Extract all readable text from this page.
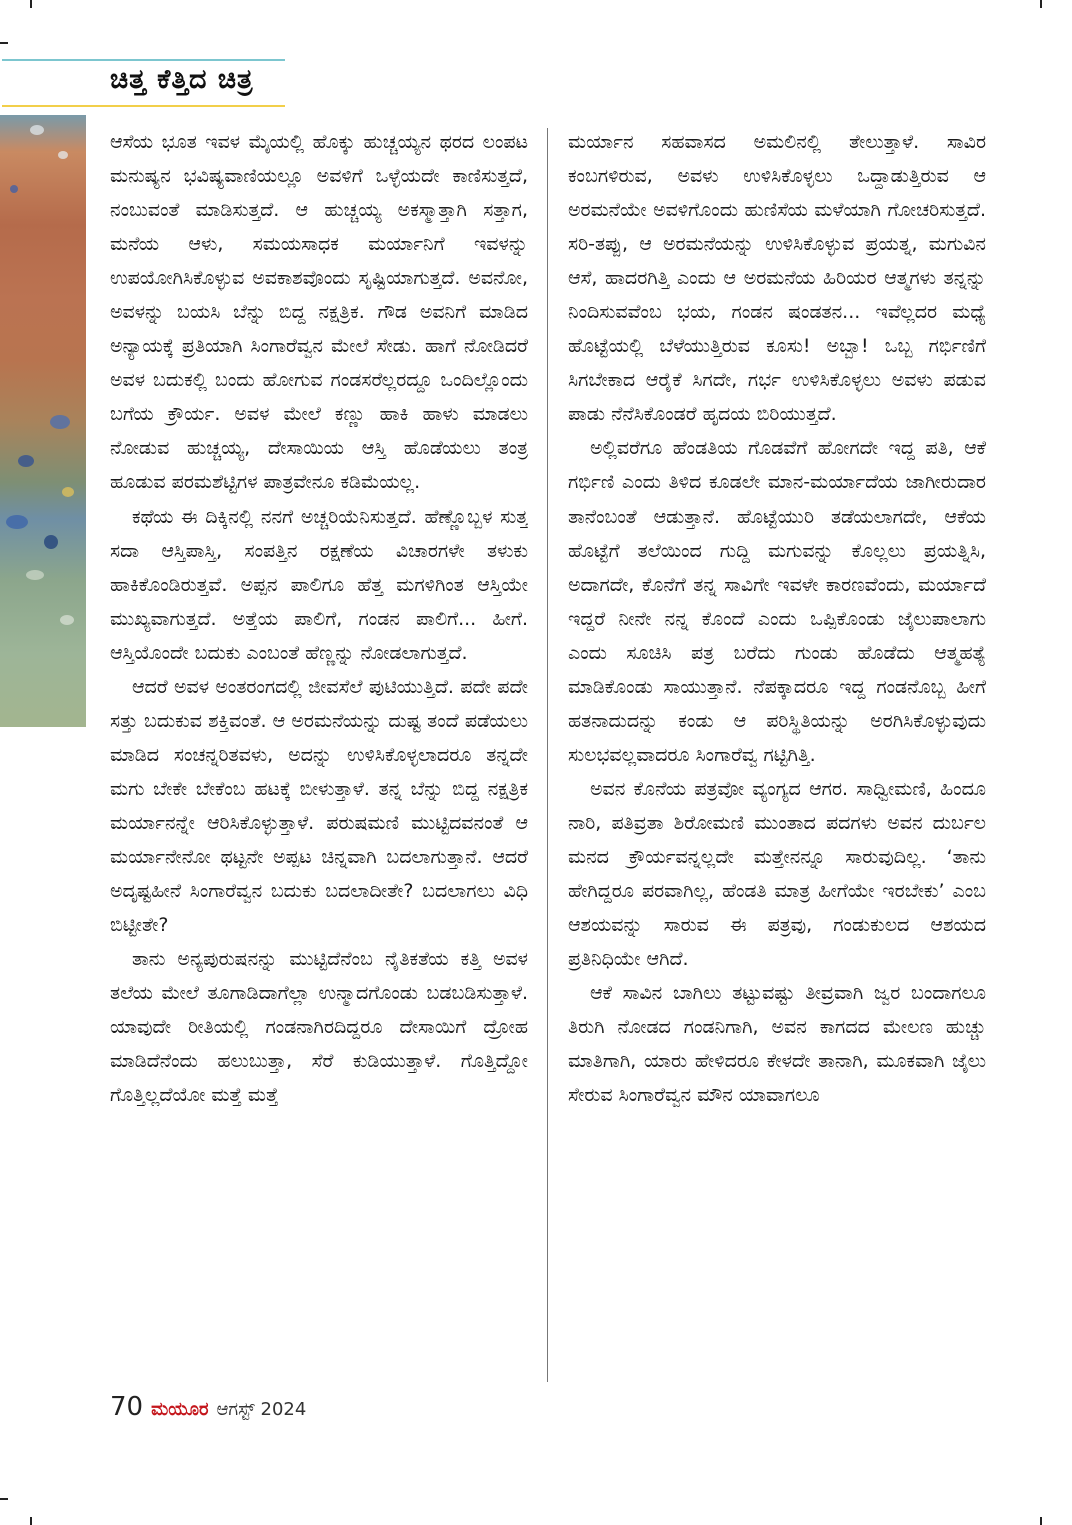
ಚಿತ್ತ ಕೆತ್ತಿದ ಚಿತ್ರ

ಆಸೆಯ ಭೂತ ಇವಳ ಮೈಯಲ್ಲಿ ಹೊಕ್ಕು ಹುಚ್ಚಯ್ಯನ ಥರದ ಲಂಪಟ ಮನುಷ್ಯನ ಭವಿಷ್ಯವಾಣಿಯಲ್ಲೂ ಅವಳಿಗೆ ಒಳ್ಳೆಯದೇ ಕಾಣಿಸುತ್ತದೆ, ನಂಬುವಂತೆ ಮಾಡಿಸುತ್ತದೆ. ಆ ಹುಚ್ಚಯ್ಯ ಅಕಸ್ಮಾತ್ತಾಗಿ ಸತ್ತಾಗ, ಮನೆಯ ಆಳು, ಸಮಯಸಾಧಕ ಮರ್ಯಾನಿಗೆ ಇವಳನ್ನು ಉಪಯೋಗಿಸಿಕೊಳ್ಳುವ ಅವಕಾಶವೊಂದು ಸೃಷ್ಟಿಯಾಗುತ್ತದೆ. ಅವನೋ, ಅವಳನ್ನು ಬಯಸಿ ಬೆನ್ನು ಬಿದ್ದ ನಕ್ಷತ್ರಿಕ. ಗೌಡ ಅವನಿಗೆ ಮಾಡಿದ ಅನ್ಯಾಯಕ್ಕೆ ಪ್ರತಿಯಾಗಿ ಸಿಂಗಾರೆವ್ವನ ಮೇಲೆ ಸೇಡು. ಹಾಗೆ ನೋಡಿದರೆ ಅವಳ ಬದುಕಲ್ಲಿ ಬಂದು ಹೋಗುವ ಗಂಡಸರೆಲ್ಲರದ್ದೂ ಒಂದಿಲ್ಲೊಂದು ಬಗೆಯ ಕ್ರೌರ್ಯ. ಅವಳ ಮೇಲೆ ಕಣ್ಣು ಹಾಕಿ ಹಾಳು ಮಾಡಲು ನೋಡುವ ಹುಚ್ಚಯ್ಯ, ದೇಸಾಯಿಯ ಆಸ್ತಿ ಹೊಡೆಯಲು ತಂತ್ರ ಹೂಡುವ ಪರಮಶೆಟ್ಟಿಗಳ ಪಾತ್ರವೇನೂ ಕಡಿಮೆಯಲ್ಲ.

ಕಥೆಯ ಈ ದಿಕ್ಕಿನಲ್ಲಿ ನನಗೆ ಅಚ್ಚರಿಯೆನಿಸುತ್ತದೆ. ಹೆಣ್ಣೊಬ್ಬಳ ಸುತ್ತ ಸದಾ ಆಸ್ತಿಪಾಸ್ತಿ, ಸಂಪತ್ತಿನ ರಕ್ಷಣೆಯ ವಿಚಾರಗಳೇ ತಳುಕು ಹಾಕಿಕೊಂಡಿರುತ್ತವೆ. ಅಪ್ಪನ ಪಾಲಿಗೂ ಹೆತ್ತ ಮಗಳಿಗಿಂತ ಆಸ್ತಿಯೇ ಮುಖ್ಯವಾಗುತ್ತದೆ. ಅತ್ತೆಯ ಪಾಲಿಗೆ, ಗಂಡನ ಪಾಲಿಗೆ... ಹೀಗೆ. ಆಸ್ತಿಯೊಂದೇ ಬದುಕು ಎಂಬಂತೆ ಹೆಣ್ಣನ್ನು ನೋಡಲಾಗುತ್ತದೆ.

ಆದರೆ ಅವಳ ಅಂತರಂಗದಲ್ಲಿ ಜೀವಸೆಲೆ ಪುಟಿಯುತ್ತಿದೆ. ಪದೇ ಪದೇ ಸತ್ತು ಬದುಕುವ ಶಕ್ತಿವಂತೆ. ಆ ಅರಮನೆಯನ್ನು ದುಷ್ಟ ತಂದೆ ಪಡೆಯಲು ಮಾಡಿದ ಸಂಚನ್ನರಿತವಳು, ಅದನ್ನು ಉಳಿಸಿಕೊಳ್ಳಲಾದರೂ ತನ್ನದೇ ಮಗು ಬೇಕೇ ಬೇಕೆಂಬ ಹಟಕ್ಕೆ ಬೀಳುತ್ತಾಳೆ. ತನ್ನ ಬೆನ್ನು ಬಿದ್ದ ನಕ್ಷತ್ರಿಕ ಮರ್ಯಾನನ್ನೇ ಆರಿಸಿಕೊಳ್ಳುತ್ತಾಳೆ. ಪರುಷಮಣಿ ಮುಟ್ಟಿದವನಂತೆ ಆ ಮರ್ಯಾನೇನೋ ಥಟ್ಟನೇ ಅಪ್ಪಟ ಚಿನ್ನವಾಗಿ ಬದಲಾಗುತ್ತಾನೆ. ಆದರೆ ಅದೃಷ್ಟಹೀನೆ ಸಿಂಗಾರೆವ್ವನ ಬದುಕು ಬದಲಾದೀತೇ? ಬದಲಾಗಲು ವಿಧಿ ಬಿಟ್ಟೀತೇ?

ತಾನು ಅನ್ಯಪುರುಷನನ್ನು ಮುಟ್ಟಿದೆನೆಂಬ ನೈತಿಕತೆಯ ಕತ್ತಿ ಅವಳ ತಲೆಯ ಮೇಲೆ ತೂಗಾಡಿದಾಗೆಲ್ಲಾ ಉನ್ಮಾದಗೊಂಡು ಬಡಬಡಿಸುತ್ತಾಳೆ. ಯಾವುದೇ ರೀತಿಯಲ್ಲಿ ಗಂಡನಾಗಿರದಿದ್ದರೂ ದೇಸಾಯಿಗೆ ದ್ರೋಹ ಮಾಡಿದೆನೆಂದು ಹಲುಬುತ್ತಾ, ಸೆರೆ ಕುಡಿಯುತ್ತಾಳೆ. ಗೊತ್ತಿದ್ದೋ ಗೊತ್ತಿಲ್ಲದೆಯೋ ಮತ್ತೆ ಮತ್ತೆ

ಮರ್ಯಾನ ಸಹವಾಸದ ಅಮಲಿನಲ್ಲಿ ತೇಲುತ್ತಾಳೆ. ಸಾವಿರ ಕಂಬಗಳಿರುವ, ಅವಳು ಉಳಿಸಿಕೊಳ್ಳಲು ಒದ್ದಾಡುತ್ತಿರುವ ಆ ಅರಮನೆಯೇ ಅವಳಿಗೊಂದು ಹುಣಿಸೆಯ ಮಳೆಯಾಗಿ ಗೋಚರಿಸುತ್ತದೆ. ಸರಿ-ತಪ್ಪು, ಆ ಅರಮನೆಯನ್ನು ಉಳಿಸಿಕೊಳ್ಳುವ ಪ್ರಯತ್ನ, ಮಗುವಿನ ಆಸೆ, ಹಾದರಗಿತ್ತಿ ಎಂದು ಆ ಅರಮನೆಯ ಹಿರಿಯರ ಆತ್ಮಗಳು ತನ್ನನ್ನು ನಿಂದಿಸುವವೆಂಬ ಭಯ, ಗಂಡನ ಷಂಡತನ... ಇವೆಲ್ಲದರ ಮಧ್ಯೆ ಹೊಟ್ಟೆಯಲ್ಲಿ ಬೆಳೆಯುತ್ತಿರುವ ಕೂಸು! ಅಬ್ಬಾ! ಒಬ್ಬ ಗರ್ಭಿಣಿಗೆ ಸಿಗಬೇಕಾದ ಆರೈಕೆ ಸಿಗದೇ, ಗರ್ಭ ಉಳಿಸಿಕೊಳ್ಳಲು ಅವಳು ಪಡುವ ಪಾಡು ನೆನೆಸಿಕೊಂಡರೆ ಹೃದಯ ಬಿರಿಯುತ್ತದೆ.

ಅಲ್ಲಿವರೆಗೂ ಹೆಂಡತಿಯ ಗೊಡವೆಗೆ ಹೋಗದೇ ಇದ್ದ ಪತಿ, ಆಕೆ ಗರ್ಭಿಣಿ ಎಂದು ತಿಳಿದ ಕೂಡಲೇ ಮಾನ-ಮರ್ಯಾದೆಯ ಜಾಗೀರುದಾರ ತಾನೆಂಬಂತೆ ಆಡುತ್ತಾನೆ. ಹೊಟ್ಟೆಯುರಿ ತಡೆಯಲಾಗದೇ, ಆಕೆಯ ಹೊಟ್ಟೆಗೆ ತಲೆಯಿಂದ ಗುದ್ದಿ ಮಗುವನ್ನು ಕೊಲ್ಲಲು ಪ್ರಯತ್ನಿಸಿ, ಅದಾಗದೇ, ಕೊನೆಗೆ ತನ್ನ ಸಾವಿಗೇ ಇವಳೇ ಕಾರಣವೆಂದು, ಮರ್ಯಾದೆ ಇದ್ದರೆ ನೀನೇ ನನ್ನ ಕೊಂದೆ ಎಂದು ಒಪ್ಪಿಕೊಂಡು ಜೈಲುಪಾಲಾಗು ಎಂದು ಸೂಚಿಸಿ ಪತ್ರ ಬರೆದು ಗುಂಡು ಹೊಡೆದು ಆತ್ಮಹತ್ಯೆ ಮಾಡಿಕೊಂಡು ಸಾಯುತ್ತಾನೆ. ನೆಪಕ್ಕಾದರೂ ಇದ್ದ ಗಂಡನೊಬ್ಬ ಹೀಗೆ ಹತನಾದುದನ್ನು ಕಂಡು ಆ ಪರಿಸ್ಥಿತಿಯನ್ನು ಅರಗಿಸಿಕೊಳ್ಳುವುದು ಸುಲಭವಲ್ಲವಾದರೂ ಸಿಂಗಾರೆವ್ವ ಗಟ್ಟಿಗಿತ್ತಿ.

ಅವನ ಕೊನೆಯ ಪತ್ರವೋ ವ್ಯಂಗ್ಯದ ಆಗರ. ಸಾಧ್ವೀಮಣಿ, ಹಿಂದೂ ನಾರಿ, ಪತಿವ್ರತಾ ಶಿರೋಮಣಿ ಮುಂತಾದ ಪದಗಳು ಅವನ ದುರ್ಬಲ ಮನದ ಕ್ರೌರ್ಯವನ್ನಲ್ಲದೇ ಮತ್ತೇನನ್ನೂ ಸಾರುವುದಿಲ್ಲ. ‘ತಾನು ಹೇಗಿದ್ದರೂ ಪರವಾಗಿಲ್ಲ, ಹೆಂಡತಿ ಮಾತ್ರ ಹೀಗೆಯೇ ಇರಬೇಕು’ ಎಂಬ ಆಶಯವನ್ನು ಸಾರುವ ಈ ಪತ್ರವು, ಗಂಡುಕುಲದ ಆಶಯದ ಪ್ರತಿನಿಧಿಯೇ ಆಗಿದೆ.

ಆಕೆ ಸಾವಿನ ಬಾಗಿಲು ತಟ್ಟುವಷ್ಟು ತೀವ್ರವಾಗಿ ಜ್ವರ ಬಂದಾಗಲೂ ತಿರುಗಿ ನೋಡದ ಗಂಡನಿಗಾಗಿ, ಅವನ ಕಾಗದದ ಮೇಲಣ ಹುಚ್ಚು ಮಾತಿಗಾಗಿ, ಯಾರು ಹೇಳಿದರೂ ಕೇಳದೇ ತಾನಾಗಿ, ಮೂಕವಾಗಿ ಜೈಲು ಸೇರುವ ಸಿಂಗಾರೆವ್ವನ ಮೌನ ಯಾವಾಗಲೂ

70 ಮಯೂರ ಆಗಸ್ಟ್ 2024
